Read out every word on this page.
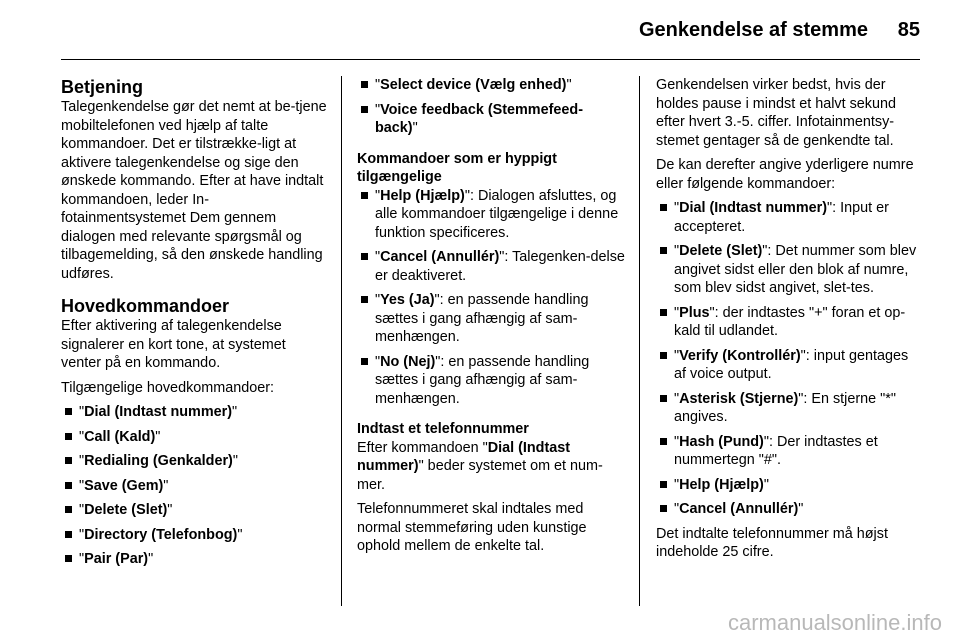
Genkendelse af stemme 85
Betjening

Talegenkendelse gør det nemt at be-tjene mobiltelefonen ved hjælp af talte kommandoer. Det er tilstrække-ligt at aktivere talegenkendelse og sige den ønskede kommando. Efter at have indtalt kommandoen, leder In-fotainmentsystemet Dem gennem dialogen med relevante spørgsmål og tilbagemelding, så den ønskede handling udføres.

Hovedkommandoer

Efter aktivering af talegenkendelse signalerer en kort tone, at systemet venter på en kommando.

Tilgængelige hovedkommandoer:

"Dial (Indtast nummer)"
"Call (Kald)"
"Redialing (Genkalder)"
"Save (Gem)"
"Delete (Slet)"
"Directory (Telefonbog)"
"Pair (Par)"
"Select device (Vælg enhed)"
"Voice feedback (Stemmefeed-back)"
Kommandoer som er hyppigt tilgængelige
"Help (Hjælp)": Dialogen afsluttes, og alle kommandoer tilgængelige i denne funktion specificeres.
"Cancel (Annullér)": Talegenken-delse er deaktiveret.
"Yes (Ja)": en passende handling sættes i gang afhængig af sam-menhængen.
"No (Nej)": en passende handling sættes i gang afhængig af sam-menhængen.
Indtast et telefonnummer

Efter kommandoen "Dial (Indtast nummer)" beder systemet om et num-mer.

Telefonnummeret skal indtales med normal stemmeføring uden kunstige ophold mellem de enkelte tal.

Genkendelsen virker bedst, hvis der holdes pause i mindst et halvt sekund efter hvert 3.-5. ciffer. Infotainmentsy-stemet gentager så de genkendte tal.

De kan derefter angive yderligere numre eller følgende kommandoer:

"Dial (Indtast nummer)": Input er accepteret.
"Delete (Slet)": Det nummer som blev angivet sidst eller den blok af numre, som blev sidst angivet, slet-tes.
"Plus": der indtastes "+" foran et op-kald til udlandet.
"Verify (Kontrollér)": input gentages af voice output.
"Asterisk (Stjerne)": En stjerne "*" angives.
"Hash (Pund)": Der indtastes et nummertegn "#".
"Help (Hjælp)"
"Cancel (Annullér)"

Det indtalte telefonnummer må højst indeholde 25 cifre.

carmanualsonline.info
